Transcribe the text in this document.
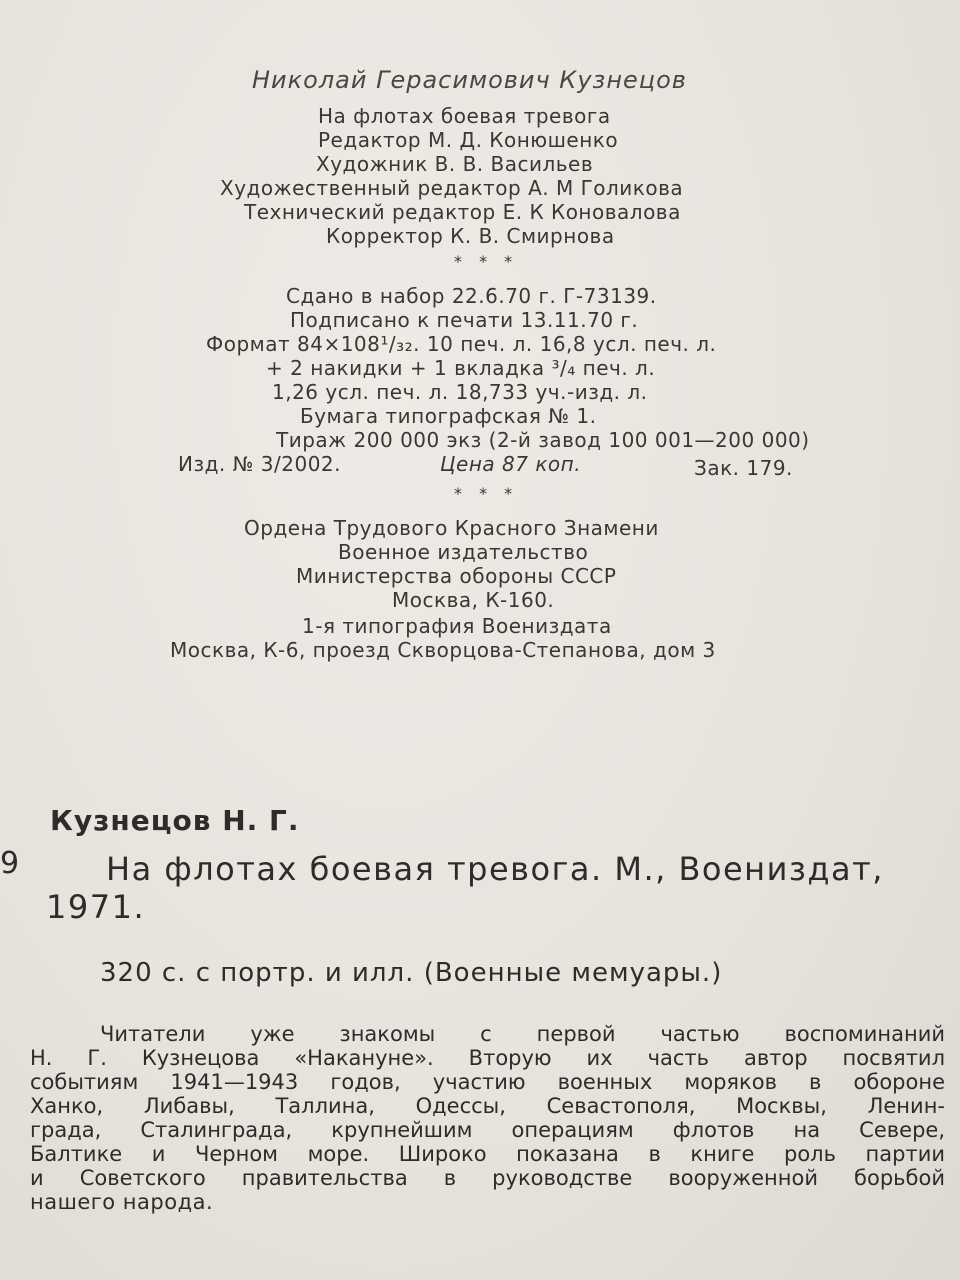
Николай Герасимович Кузнецов
На флотах боевая тревога
Редактор М. Д. Конюшенко
Художник В. В. Васильев
Художественный редактор А. М Голикова
Технический редактор Е. К Коновалова
Корректор К. В. Смирнова
* * *
Сдано в набор 22.6.70 г. Г-73139.
Подписано к печати 13.11.70 г.
Формат 84×108¹/₃₂. 10 печ. л. 16,8 усл. печ. л.
+ 2 накидки + 1 вкладка ³/₄ печ. л.
1,26 усл. печ. л. 18,733 уч.-изд. л.
Бумага типографская № 1.
Тираж 200 000 экз (2-й завод 100 001—200 000)
Изд. № 3/2002.	Цена 87 коп.	Зак. 179.
* * *
Ордена Трудового Красного Знамени
Военное издательство
Министерства обороны СССР
Москва, К-160.
1-я типография Воениздата
Москва, К-6, проезд Скворцова-Степанова, дом 3
Кузнецов Н. Г.
9	На флотах боевая тревога. М., Воениздат,
1971.
320 с. с портр. и илл. (Военные мемуары.)
Читатели уже знакомы с первой частью воспоминаний
Н. Г. Кузнецова «Накануне». Вторую их часть автор посвятил
событиям 1941—1943 годов, участию военных моряков в обороне
Ханко, Либавы, Таллина, Одессы, Севастополя, Москвы, Ленин-
града, Сталинграда, крупнейшим операциям флотов на Севере,
Балтике и Черном море. Широко показана в книге роль партии
и Советского правительства в руководстве вооруженной борьбой
нашего народа.
